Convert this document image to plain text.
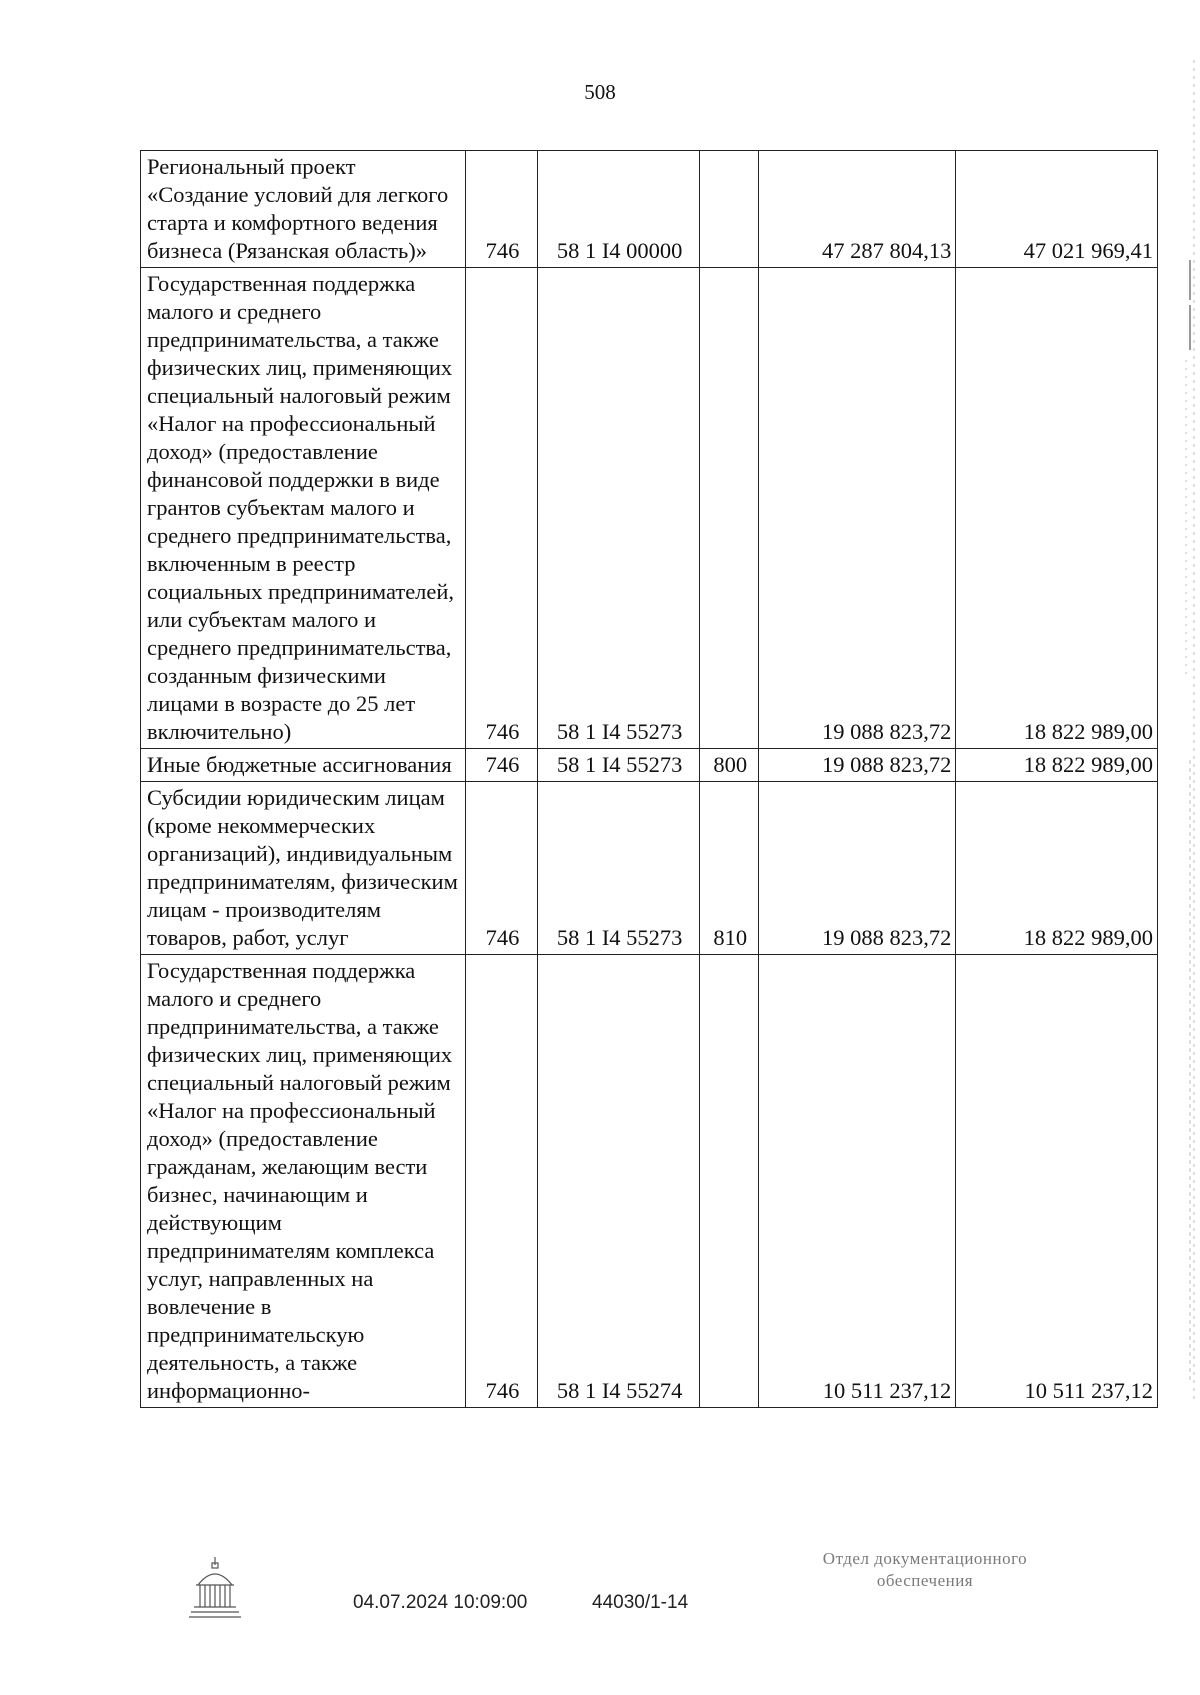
508
Региональный проект «Создание условий для легкого старта и комфортного ведения бизнеса (Рязанская область)»	746	58 1 I4 00000		47 287 804,13	47 021 969,41
Государственная поддержка малого и среднего предпринимательства, а также физических лиц, применяющих специальный налоговый режим «Налог на профессиональный доход» (предоставление финансовой поддержки в виде грантов субъектам малого и среднего предпринимательства, включенным в реестр социальных предпринимателей, или субъектам малого и среднего предпринимательства, созданным физическими лицами в возрасте до 25 лет включительно)	746	58 1 I4 55273		19 088 823,72	18 822 989,00
Иные бюджетные ассигнования	746	58 1 I4 55273	800	19 088 823,72	18 822 989,00
Субсидии юридическим лицам (кроме некоммерческих организаций), индивидуальным предпринимателям, физическим лицам - производителям товаров, работ, услуг	746	58 1 I4 55273	810	19 088 823,72	18 822 989,00
Государственная поддержка малого и среднего предпринимательства, а также физических лиц, применяющих специальный налоговый режим «Налог на профессиональный доход» (предоставление гражданам, желающим вести бизнес, начинающим и действующим предпринимателям комплекса услуг, направленных на вовлечение в предпринимательскую деятельность, а также информационно-	746	58 1 I4 55274		10 511 237,12	10 511 237,12
04.07.2024 10:09:00	44030/1-14
Отдел документационного
обеспечения
